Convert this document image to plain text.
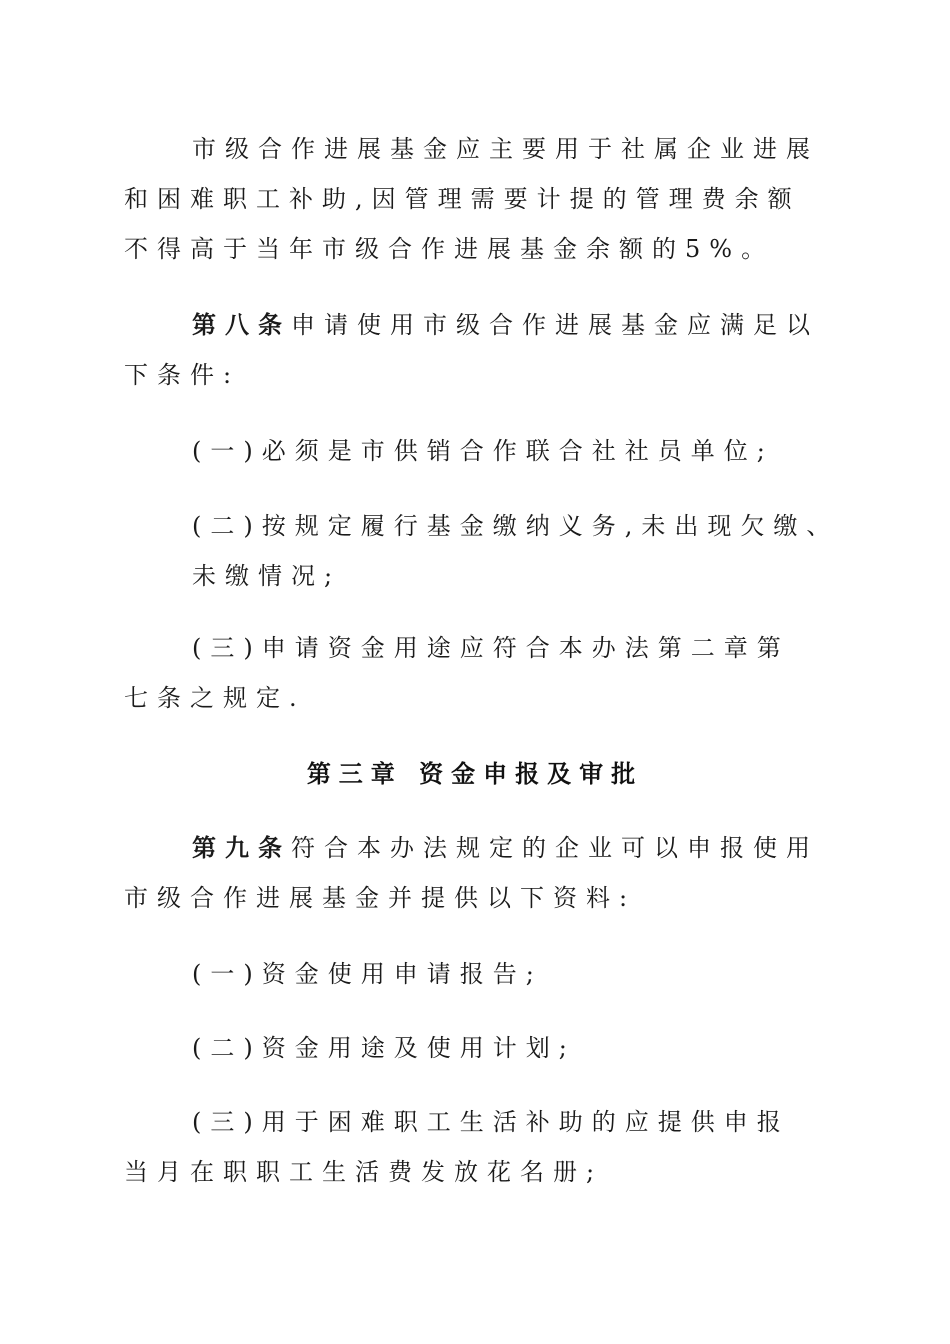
市级合作进展基金应主要用于社属企业进展
和困难职工补助,因管理需要计提的管理费余额
不得高于当年市级合作进展基金余额的5%。
第八条申请使用市级合作进展基金应满足以
下条件:
(一)必须是市供销合作联合社社员单位;
(二)按规定履行基金缴纳义务,未出现欠缴、
未缴情况;
(三)申请资金用途应符合本办法第二章第
七条之规定.
第三章 资金申报及审批
第九条符合本办法规定的企业可以申报使用
市级合作进展基金并提供以下资料:
(一)资金使用申请报告;
(二)资金用途及使用计划;
(三)用于困难职工生活补助的应提供申报
当月在职职工生活费发放花名册;
